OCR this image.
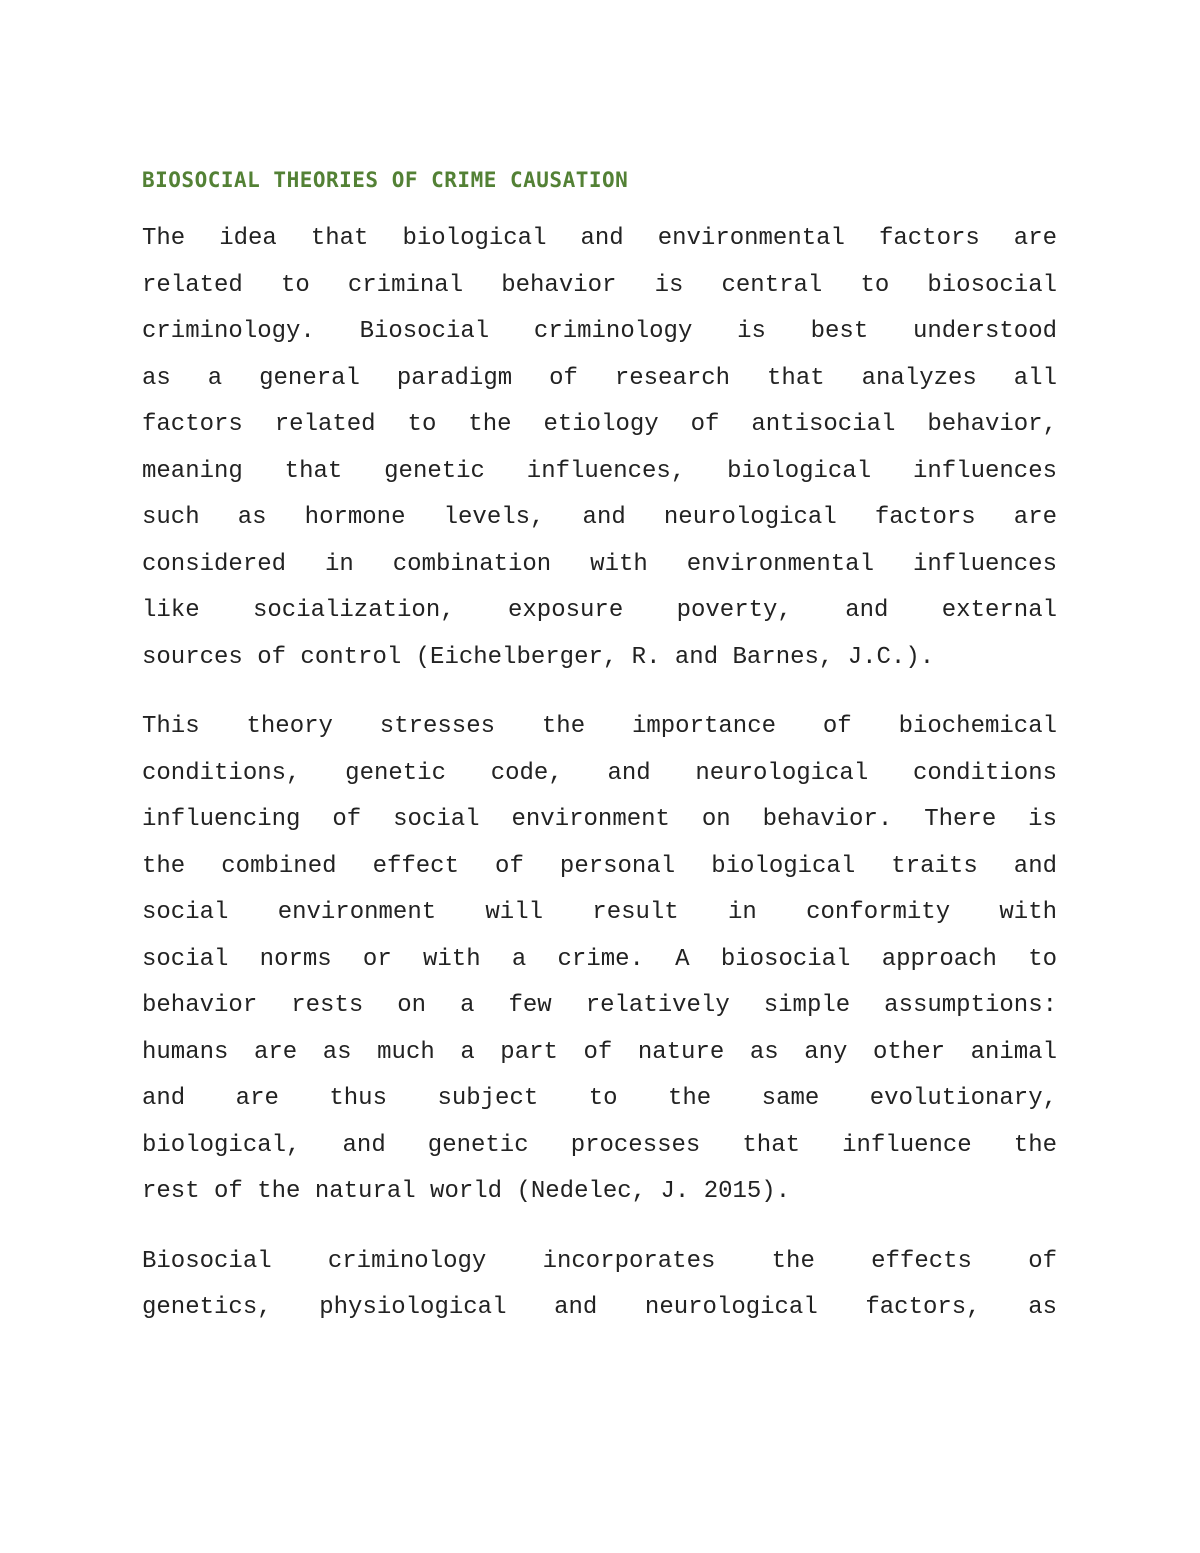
BIOSOCIAL THEORIES OF CRIME CAUSATION
The idea that biological and environmental factors are
related to criminal behavior is central to biosocial
criminology. Biosocial criminology is best understood
as a general paradigm of research that analyzes all
factors related to the etiology of antisocial behavior,
meaning that genetic influences, biological influences
such as hormone levels, and neurological factors are
considered in combination with environmental influences
like socialization, exposure poverty, and external
sources of control (Eichelberger, R. and Barnes, J.C.).
This theory stresses the importance of biochemical
conditions, genetic code, and neurological conditions
influencing of social environment on behavior. There is
the combined effect of personal biological traits and
social environment will result in conformity with
social norms or with a crime. A biosocial approach to
behavior rests on a few relatively simple assumptions:
humans are as much a part of nature as any other animal
and are thus subject to the same evolutionary,
biological, and genetic processes that influence the
rest of the natural world (Nedelec, J. 2015).
Biosocial criminology incorporates the effects of
genetics, physiological and neurological factors, as
